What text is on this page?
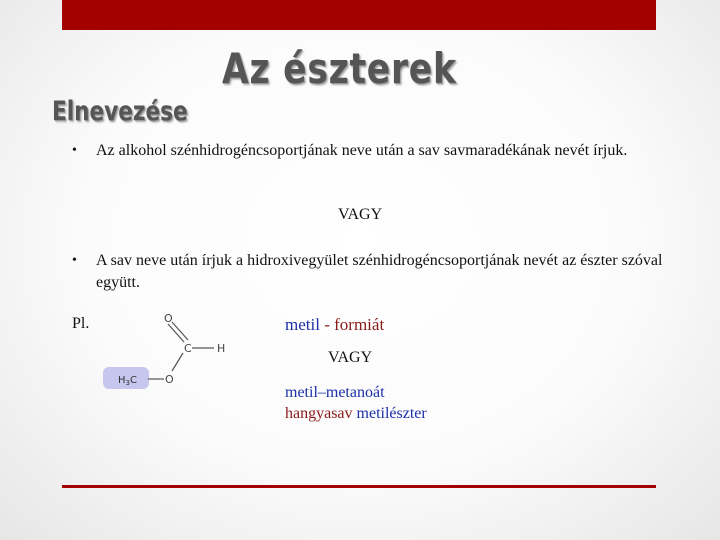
Az észterek
Elnevezése
• Az alkohol szénhidrogéncsoportjának neve után a sav savmaradékának nevét írjuk.
VAGY
• A sav neve után írjuk a hidroxivegyület szénhidrogéncsoportjának nevét az észter szóval együtt.
Pl.	O
C H
O
$H_3C$
metil - formiát
VAGY
metil–metanoát
hangyasav metilészter
